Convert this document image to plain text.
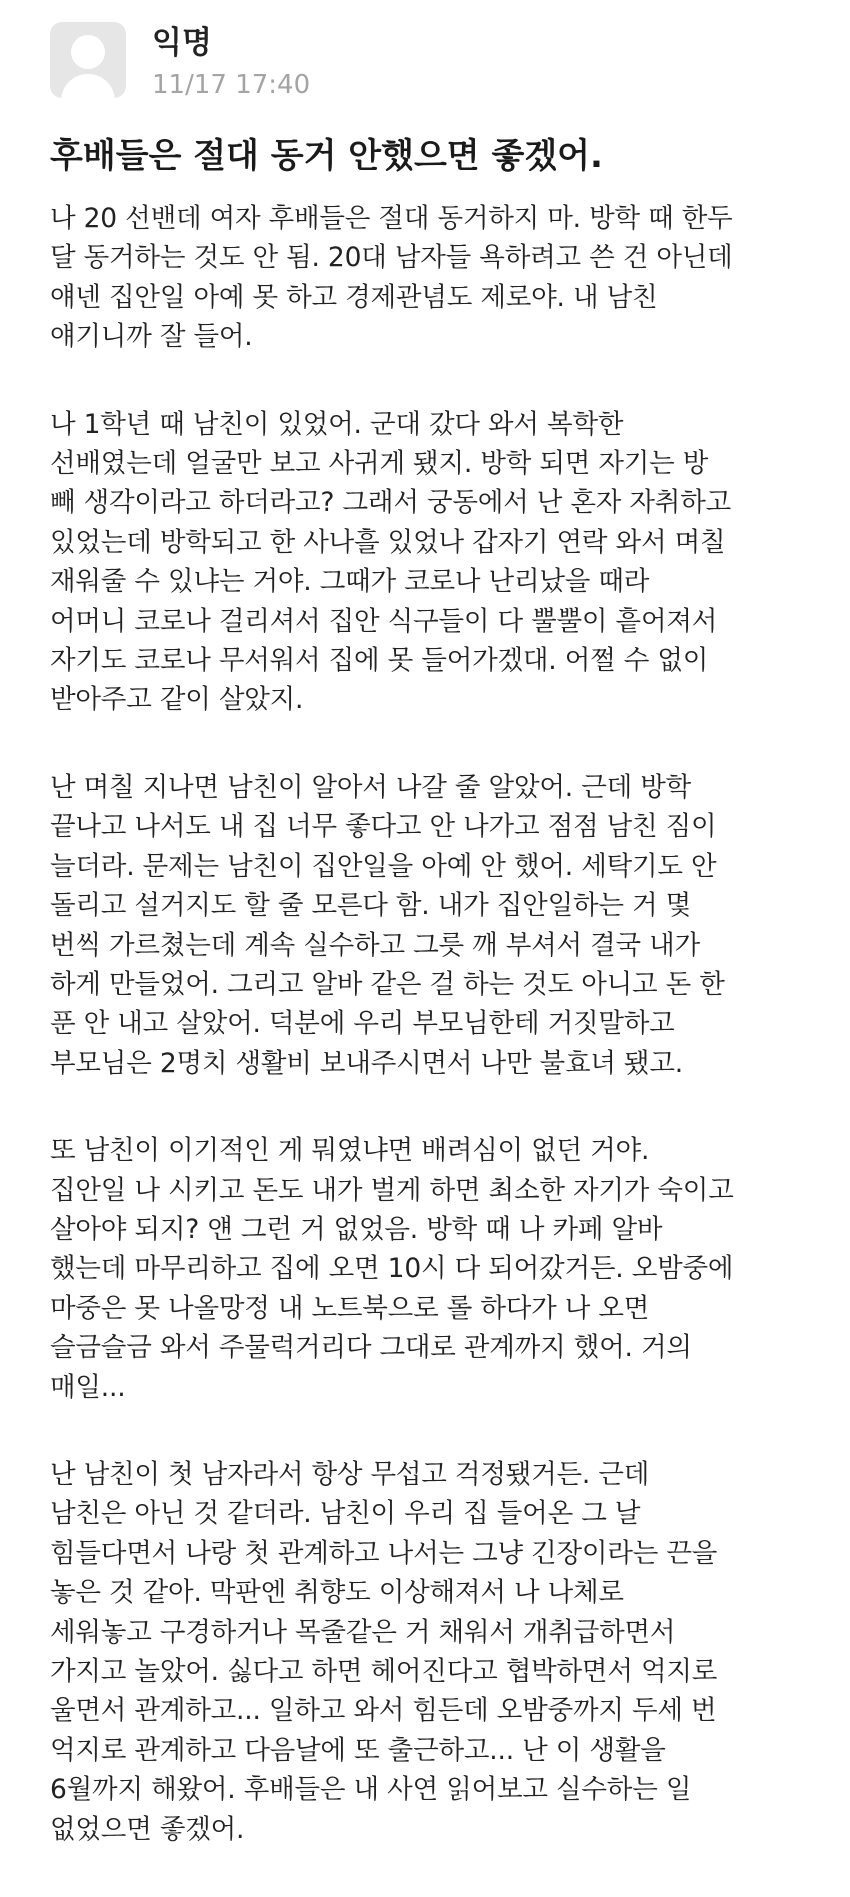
익명
11/17 17:40
후배들은 절대 동거 안했으면 좋겠어.
나 20 선밴데 여자 후배들은 절대 동거하지 마. 방학 때 한두
달 동거하는 것도 안 됨. 20대 남자들 욕하려고 쓴 건 아닌데
얘넨 집안일 아예 못 하고 경제관념도 제로야. 내 남친
얘기니까 잘 들어.
나 1학년 때 남친이 있었어. 군대 갔다 와서 복학한
선배였는데 얼굴만 보고 사귀게 됐지. 방학 되면 자기는 방
빼 생각이라고 하더라고? 그래서 궁동에서 난 혼자 자취하고
있었는데 방학되고 한 사나흘 있었나 갑자기 연락 와서 며칠
재워줄 수 있냐는 거야. 그때가 코로나 난리났을 때라
어머니 코로나 걸리셔서 집안 식구들이 다 뿔뿔이 흩어져서
자기도 코로나 무서워서 집에 못 들어가겠대. 어쩔 수 없이
받아주고 같이 살았지.
난 며칠 지나면 남친이 알아서 나갈 줄 알았어. 근데 방학
끝나고 나서도 내 집 너무 좋다고 안 나가고 점점 남친 짐이
늘더라. 문제는 남친이 집안일을 아예 안 했어. 세탁기도 안
돌리고 설거지도 할 줄 모른다 함. 내가 집안일하는 거 몇
번씩 가르쳤는데 계속 실수하고 그릇 깨 부셔서 결국 내가
하게 만들었어. 그리고 알바 같은 걸 하는 것도 아니고 돈 한
푼 안 내고 살았어. 덕분에 우리 부모님한테 거짓말하고
부모님은 2명치 생활비 보내주시면서 나만 불효녀 됐고.
또 남친이 이기적인 게 뭐였냐면 배려심이 없던 거야.
집안일 나 시키고 돈도 내가 벌게 하면 최소한 자기가 숙이고
살아야 되지? 얜 그런 거 없었음. 방학 때 나 카페 알바
했는데 마무리하고 집에 오면 10시 다 되어갔거든. 오밤중에
마중은 못 나올망정 내 노트북으로 롤 하다가 나 오면
슬금슬금 와서 주물럭거리다 그대로 관계까지 했어. 거의
매일...
난 남친이 첫 남자라서 항상 무섭고 걱정됐거든. 근데
남친은 아닌 것 같더라. 남친이 우리 집 들어온 그 날
힘들다면서 나랑 첫 관계하고 나서는 그냥 긴장이라는 끈을
놓은 것 같아. 막판엔 취향도 이상해져서 나 나체로
세워놓고 구경하거나 목줄같은 거 채워서 개취급하면서
가지고 놀았어. 싫다고 하면 헤어진다고 협박하면서 억지로
울면서 관계하고... 일하고 와서 힘든데 오밤중까지 두세 번
억지로 관계하고 다음날에 또 출근하고... 난 이 생활을
6월까지 해왔어. 후배들은 내 사연 읽어보고 실수하는 일
없었으면 좋겠어.
